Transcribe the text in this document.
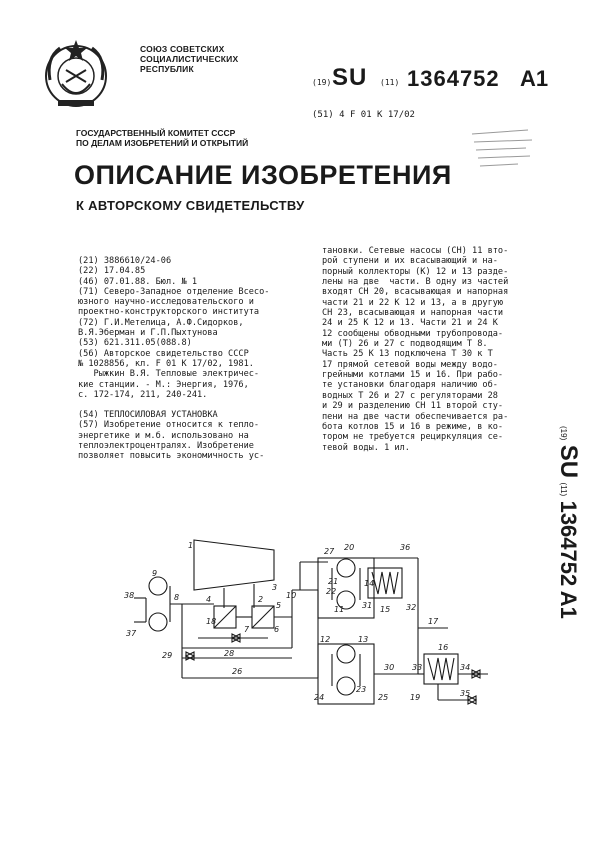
СОЮЗ СОВЕТСКИХ
СОЦИАЛИСТИЧЕСКИХ
РЕСПУБЛИК
(19) SU (11) 1364752 A1
(51) 4 F 01 K 17/02
ГОСУДАРСТВЕННЫЙ КОМИТЕТ СССР
ПО ДЕЛАМ ИЗОБРЕТЕНИЙ И ОТКРЫТИЙ
ОПИСАНИЕ ИЗОБРЕТЕНИЯ
К АВТОРСКОМУ СВИДЕТЕЛЬСТВУ
(21) 3886610/24-06
(22) 17.04.85
(46) 07.01.88. Бюл. № 1
(71) Северо-Западное отделение Всесо-
юзного научно-исследовательского и
проектно-конструкторского института
(72) Г.И.Метелица, А.Ф.Сидорков,
В.Я.Эберман и Г.П.Пыхтунова
(53) 621.311.05(088.8)
(56) Авторское свидетельство СССР
№ 1028856, кл. F 01 K 17/02, 1981.
Рыжкин В.Я. Тепловые электричес-
кие станции. - М.: Энергия, 1976,
с. 172-174, 211, 240-241.
(54) ТЕПЛОСИЛОВАЯ УСТАНОВКА
(57) Изобретение относится к тепло-
энергетике и м.б. использовано на
теплоэлектроцентралях. Изобретение
позволяет повысить экономичность ус-
тановки. Сетевые насосы (СН) 11 вто-
рой ступени и их всасывающий и на-
порный коллекторы (К) 12 и 13 разде-
лены на две  части. В одну из частей
входят СН 20, всасывающая и напорная
части 21 и 22 К 12 и 13, а в другую
СН 23, всасывающая и напорная части
24 и 25 К 12 и 13. Части 21 и 24 К
12 сообщены обводными трубопровода-
ми (Т) 26 и 27 с подводящим Т 8.
Часть 25 К 13 подключена Т 30 к Т
17 прямой сетевой воды между водо-
грейными котлами 15 и 16. При рабо-
те установки благодаря наличию об-
водных Т 26 и 27 с регуляторами 28
и 29 и разделению СН 11 второй сту-
пени на две части обеспечивается ра-
бота котлов 15 и 16 в режиме, в ко-
тором не требуется рециркуляция се-
тевой воды. 1 ил.
(19) SU (11) 1364752 A1
1
2
3
4
5
6
7
8
9
10
11
12	13
14
15
16
17
18
19
20
21
22
23
24	25
26
27
28
29
30
31	32
33	34
35
36
37
38
